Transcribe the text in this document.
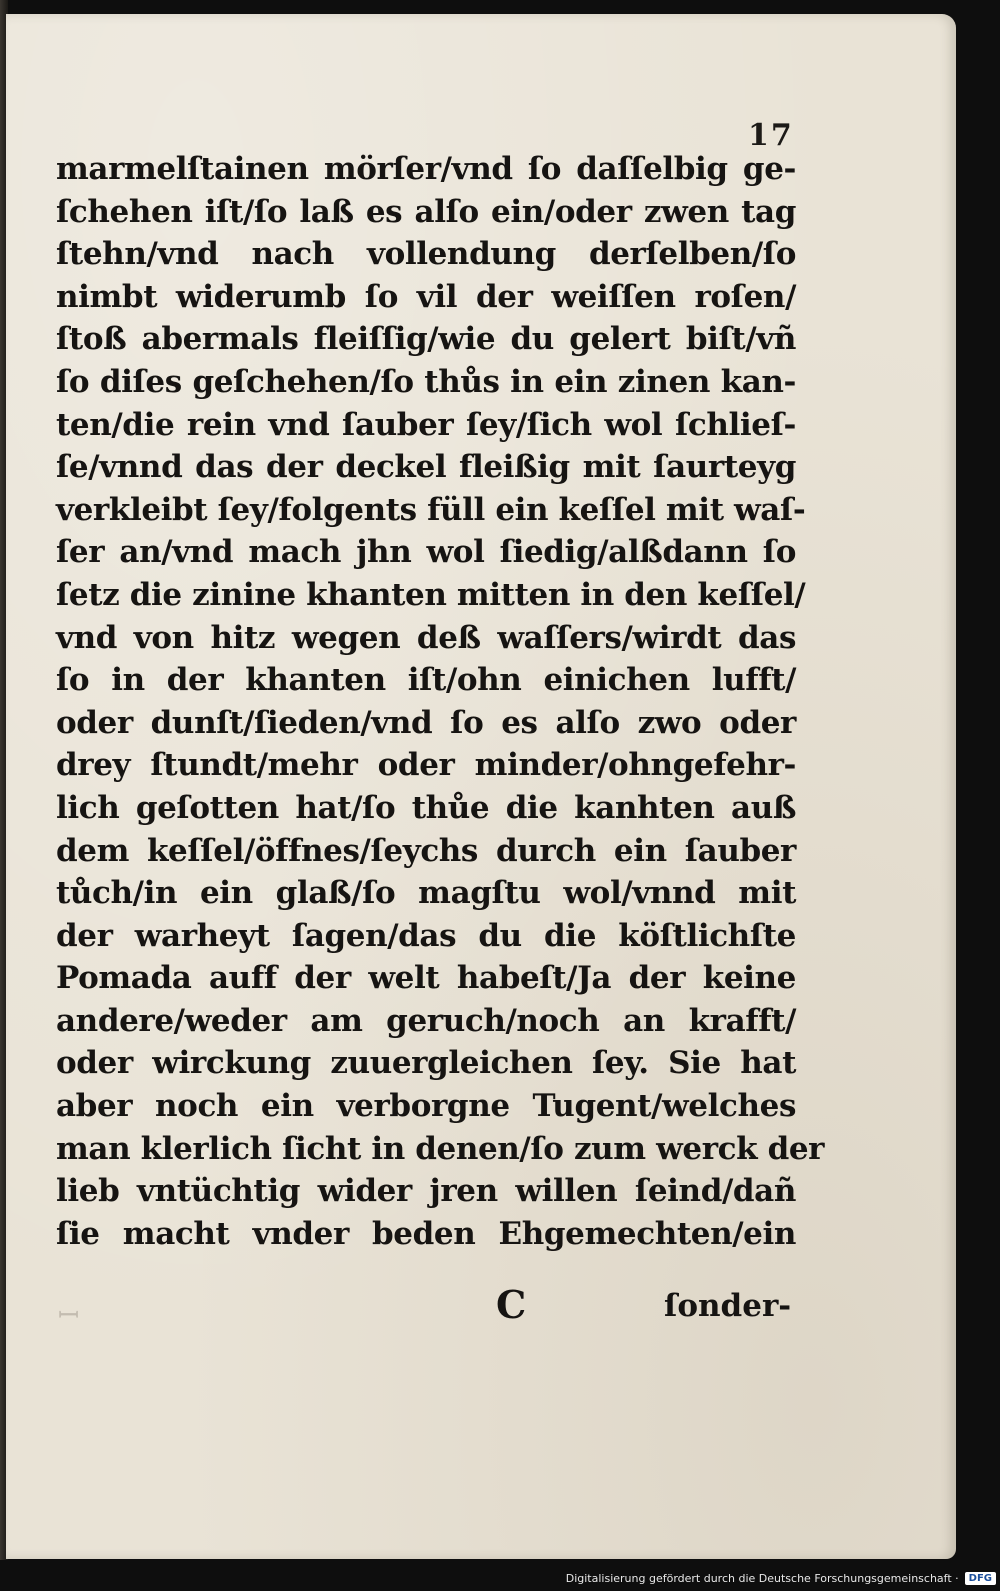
17
marmelſtainen mörſer/vnd ſo daſſelbig ge-
ſchehen iſt/ſo laß es alſo ein/oder zwen tag
ſtehn/vnd nach vollendung derſelben/ſo
nimbt widerumb ſo vil der weiſſen roſen/
ſtoß abermals fleiſſig/wie du gelert biſt/vñ
ſo diſes geſchehen/ſo thůs in ein zinen kan-
ten/die rein vnd ſauber ſey/ſich wol ſchlieſ-
ſe/vnnd das der deckel fleißig mit ſaurteyg
verkleibt ſey/folgents füll ein keſſel mit waſ-
ſer an/vnd mach jhn wol ſiedig/alßdann ſo
ſetz die zinine khanten mitten in den keſſel/
vnd von hitz wegen deß waſſers/wirdt das
ſo in der khanten iſt/ohn einichen lufft/
oder dunſt/ſieden/vnd ſo es alſo zwo oder
drey ſtundt/mehr oder minder/ohngefehr-
lich geſotten hat/ſo thůe die kanhten auß
dem keſſel/öffnes/ſeychs durch ein ſauber
tůch/in ein glaß/ſo magſtu wol/vnnd mit
der warheyt ſagen/das du die köſtlichſte
Pomada auff der welt habeſt/Ja der keine
andere/weder am geruch/noch an krafft/
oder wirckung zuuergleichen ſey. Sie hat
aber noch ein verborgne Tugent/welches
man klerlich ſicht in denen/ſo zum werck der
lieb vntüchtig wider jren willen ſeind/dañ
ſie macht vnder beden Ehgemechten/ein
ꟷ	C	ſonder-
Digitalisierung gefördert durch die Deutsche Forschungsgemeinschaft ·	DFG
